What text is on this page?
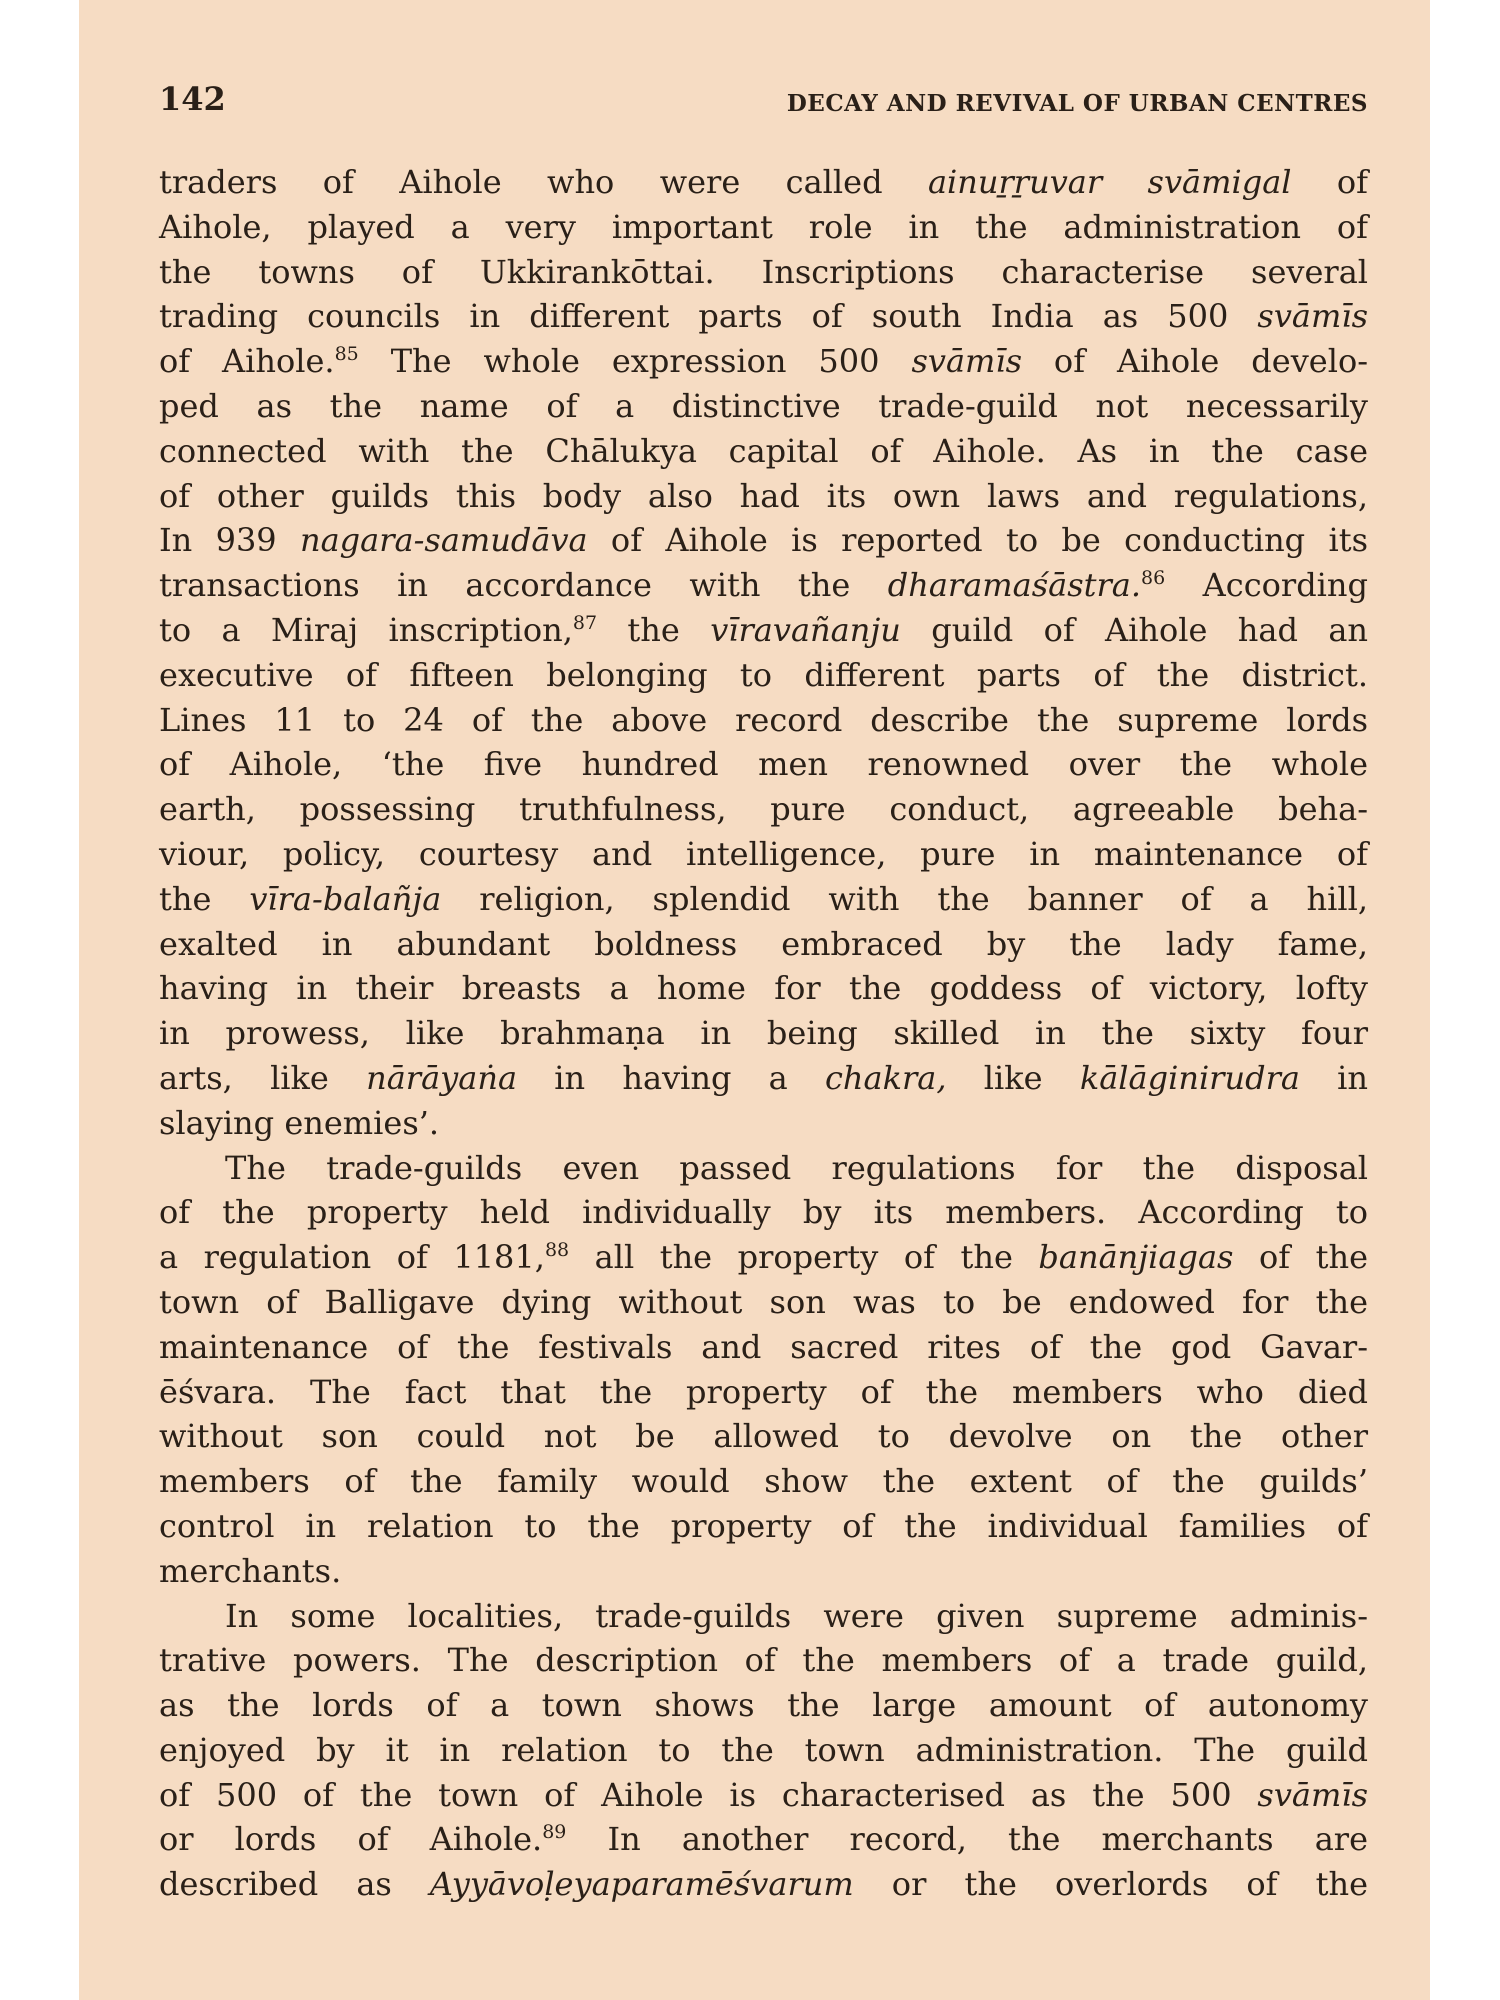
142	DECAY AND REVIVAL OF URBAN CENTRES
traders of Aihole who were called ainuṟṟuvar svāmigal of
Aihole, played a very important role in the administration of
the towns of Ukkirankōttai. Inscriptions characterise several
trading councils in different parts of south India as 500 svāmīs
of Aihole.$^{85}$ The whole expression 500 svāmīs of Aihole develo-
ped as the name of a distinctive trade-guild not necessarily
connected with the Chālukya capital of Aihole. As in the case
of other guilds this body also had its own laws and regulations,
In 939 nagara-samudāva of Aihole is reported to be conducting its
transactions in accordance with the dharamaśāstra.$^{86}$ According
to a Miraj inscription,$^{87}$ the vīravañanju guild of Aihole had an
executive of fifteen belonging to different parts of the district.
Lines 11 to 24 of the above record describe the supreme lords
of Aihole, ‘the five hundred men renowned over the whole
earth, possessing truthfulness, pure conduct, agreeable beha-
viour, policy, courtesy and intelligence, pure in maintenance of
the vīra-balañja religion, splendid with the banner of a hill,
exalted in abundant boldness embraced by the lady fame,
having in their breasts a home for the goddess of victory, lofty
in prowess, like brahmaṇa in being skilled in the sixty four
arts, like nārāyaṅa in having a chakra, like kālāginirudra in
slaying enemies’.
The trade-guilds even passed regulations for the disposal
of the property held individually by its members. According to
a regulation of 1181,88 all the property of the banānjiagas of the
town of Balligave dying without son was to be endowed for the
maintenance of the festivals and sacred rites of the god Gavar-
ēśvara. The fact that the property of the members who died
without son could not be allowed to devolve on the other
members of the family would show the extent of the guilds’
control in relation to the property of the individual families of
merchants.
In some localities, trade-guilds were given supreme adminis-
trative powers. The description of the members of a trade guild,
as the lords of a town shows the large amount of autonomy
enjoyed by it in relation to the town administration. The guild
of 500 of the town of Aihole is characterised as the 500 svāmīs
or lords of Aihole.$^{89}$ In another record, the merchants are
described as Ayyāvoḷeyaparamēśvarum or the overlords of the
